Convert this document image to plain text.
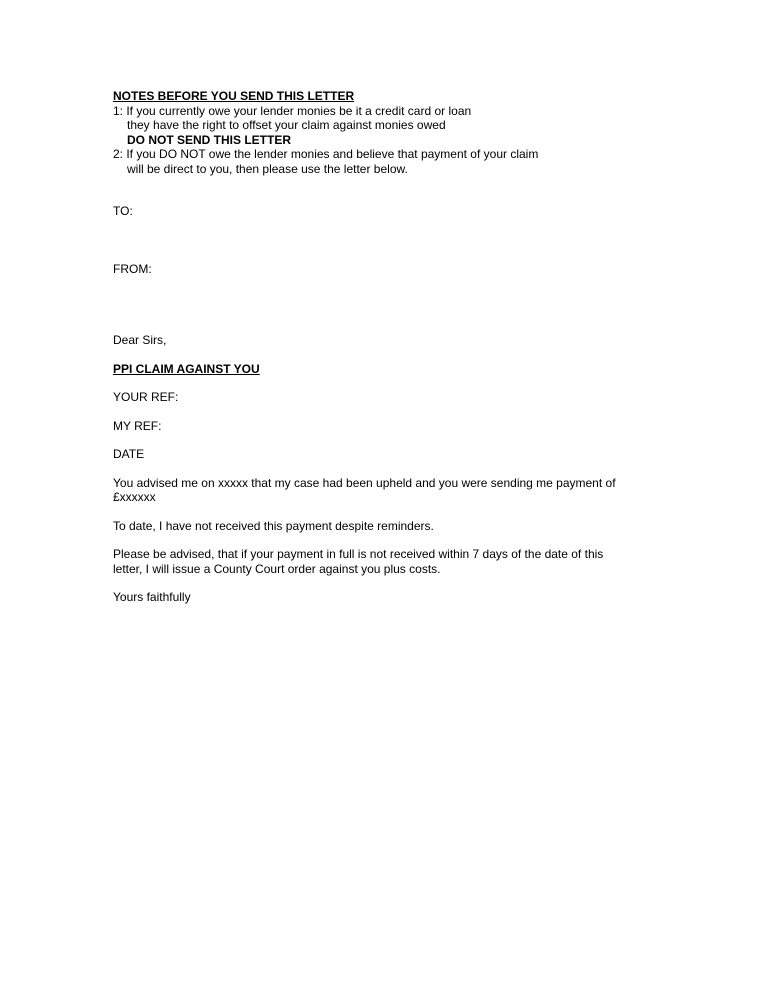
NOTES BEFORE YOU SEND THIS LETTER

1: If you currently owe your lender monies be it a credit card or loan

they have the right to offset your claim against monies owed

DO NOT SEND THIS LETTER

2: If you DO NOT owe the lender monies and believe that payment of your claim

will be direct to you, then please use the letter below.

TO:

FROM:

Dear Sirs,

PPI CLAIM AGAINST YOU

YOUR REF:

MY REF:

DATE

You advised me on xxxxx that my case had been upheld and you were sending me payment of

£xxxxxx

To date, I have not received this payment despite reminders.

Please be advised, that if your payment in full is not received within 7 days of the date of this

letter, I will issue a County Court order against you plus costs.

Yours faithfully
